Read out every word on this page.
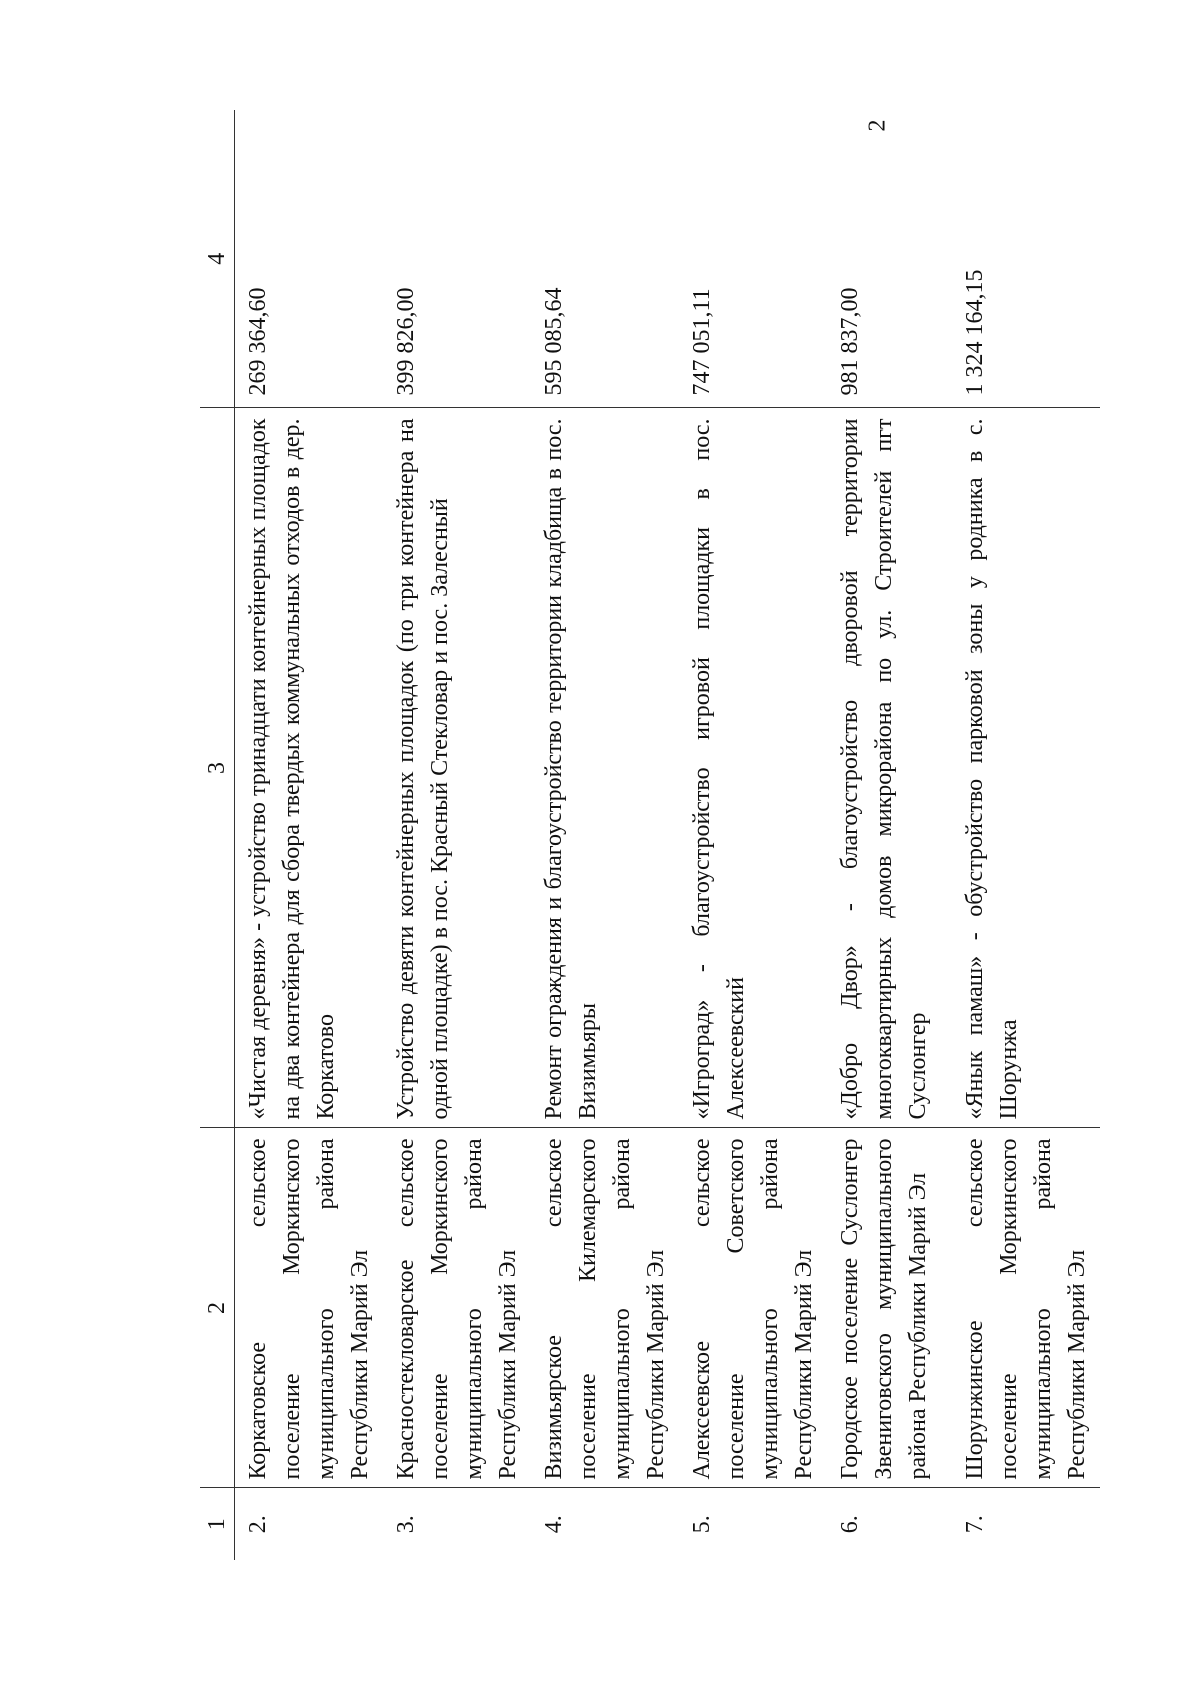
2
1	2	3	4
2.	Коркатовское сельское поселение Моркинского муниципального района Республики Марий Эл	«Чистая деревня» - устройство тринадцати контейнерных площадок на два контейнера для сбора твердых коммунальных отходов в дер. Коркатово	269 364,60
3.	Красностекловарское сельское поселение Моркинского муниципального района Республики Марий Эл	Устройство девяти контейнерных площадок (по три контейнера на одной площадке) в пос. Красный Стекловар и пос. Залесный	399 826,00
4.	Визимьярское сельское поселение Килемарского муниципального района Республики Марий Эл	Ремонт ограждения и благоустройство территории кладбища в пос. Визимьяры	595 085,64
5.	Алексеевское сельское поселение Советского муниципального района Республики Марий Эл	«Игроград» - благоустройство игровой площадки в пос. Алексеевский	747 051,11
6.	Городское поселение Суслонгер Звениговского муниципального района Республики Марий Эл	«Добро Двор» - благоустройство дворовой территории многоквартирных домов микрорайона по ул. Строителей пгт Суслонгер	981 837,00
7.	Шорунжинское сельское поселение Моркинского муниципального района Республики Марий Эл	«Янык памаш» - обустройство парковой зоны у родника в с. Шорунжа	1 324 164,15
